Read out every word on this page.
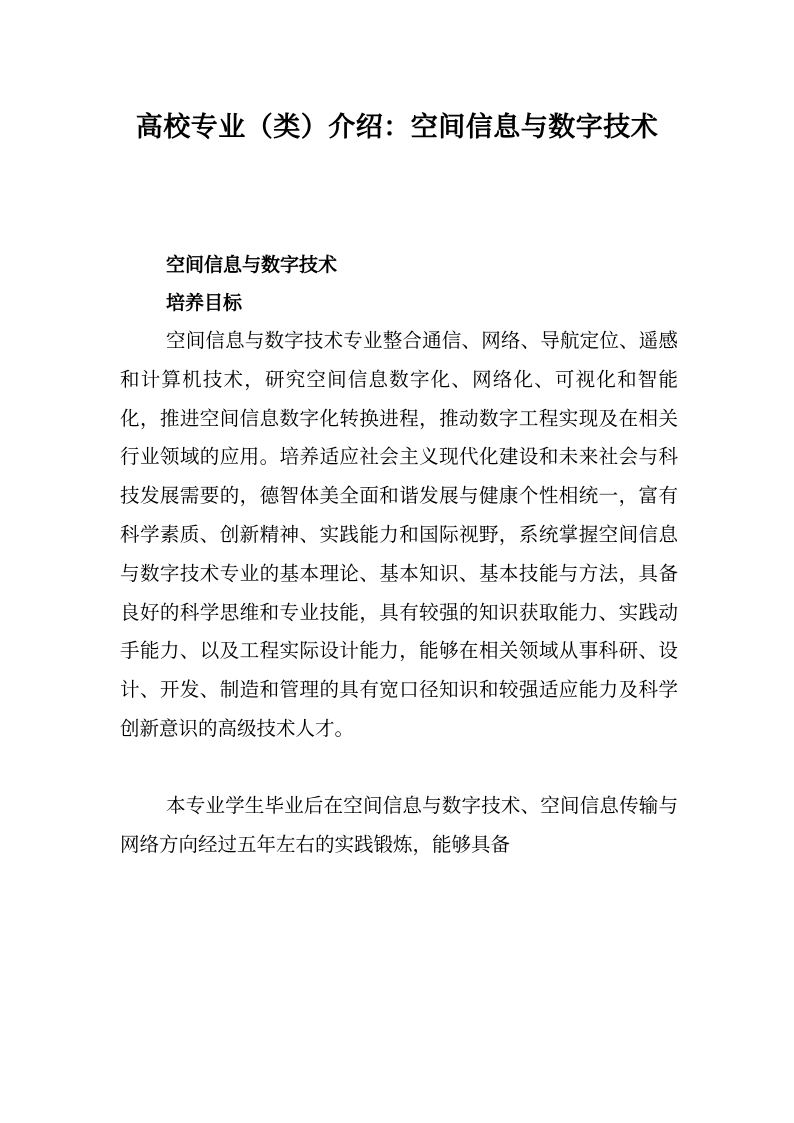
高校专业（类）介绍：空间信息与数字技术

空间信息与数字技术

培养目标

空间信息与数字技术专业整合通信、网络、导航定位、遥感和计算机技术，研究空间信息数字化、网络化、可视化和智能化，推进空间信息数字化转换进程，推动数字工程实现及在相关行业领域的应用。培养适应社会主义现代化建设和未来社会与科技发展需要的，德智体美全面和谐发展与健康个性相统一，富有科学素质、创新精神、实践能力和国际视野，系统掌握空间信息与数字技术专业的基本理论、基本知识、基本技能与方法，具备良好的科学思维和专业技能，具有较强的知识获取能力、实践动手能力、以及工程实际设计能力，能够在相关领域从事科研、设计、开发、制造和管理的具有宽口径知识和较强适应能力及科学创新意识的高级技术人才。

本专业学生毕业后在空间信息与数字技术、空间信息传输与网络方向经过五年左右的实践锻炼，能够具备
